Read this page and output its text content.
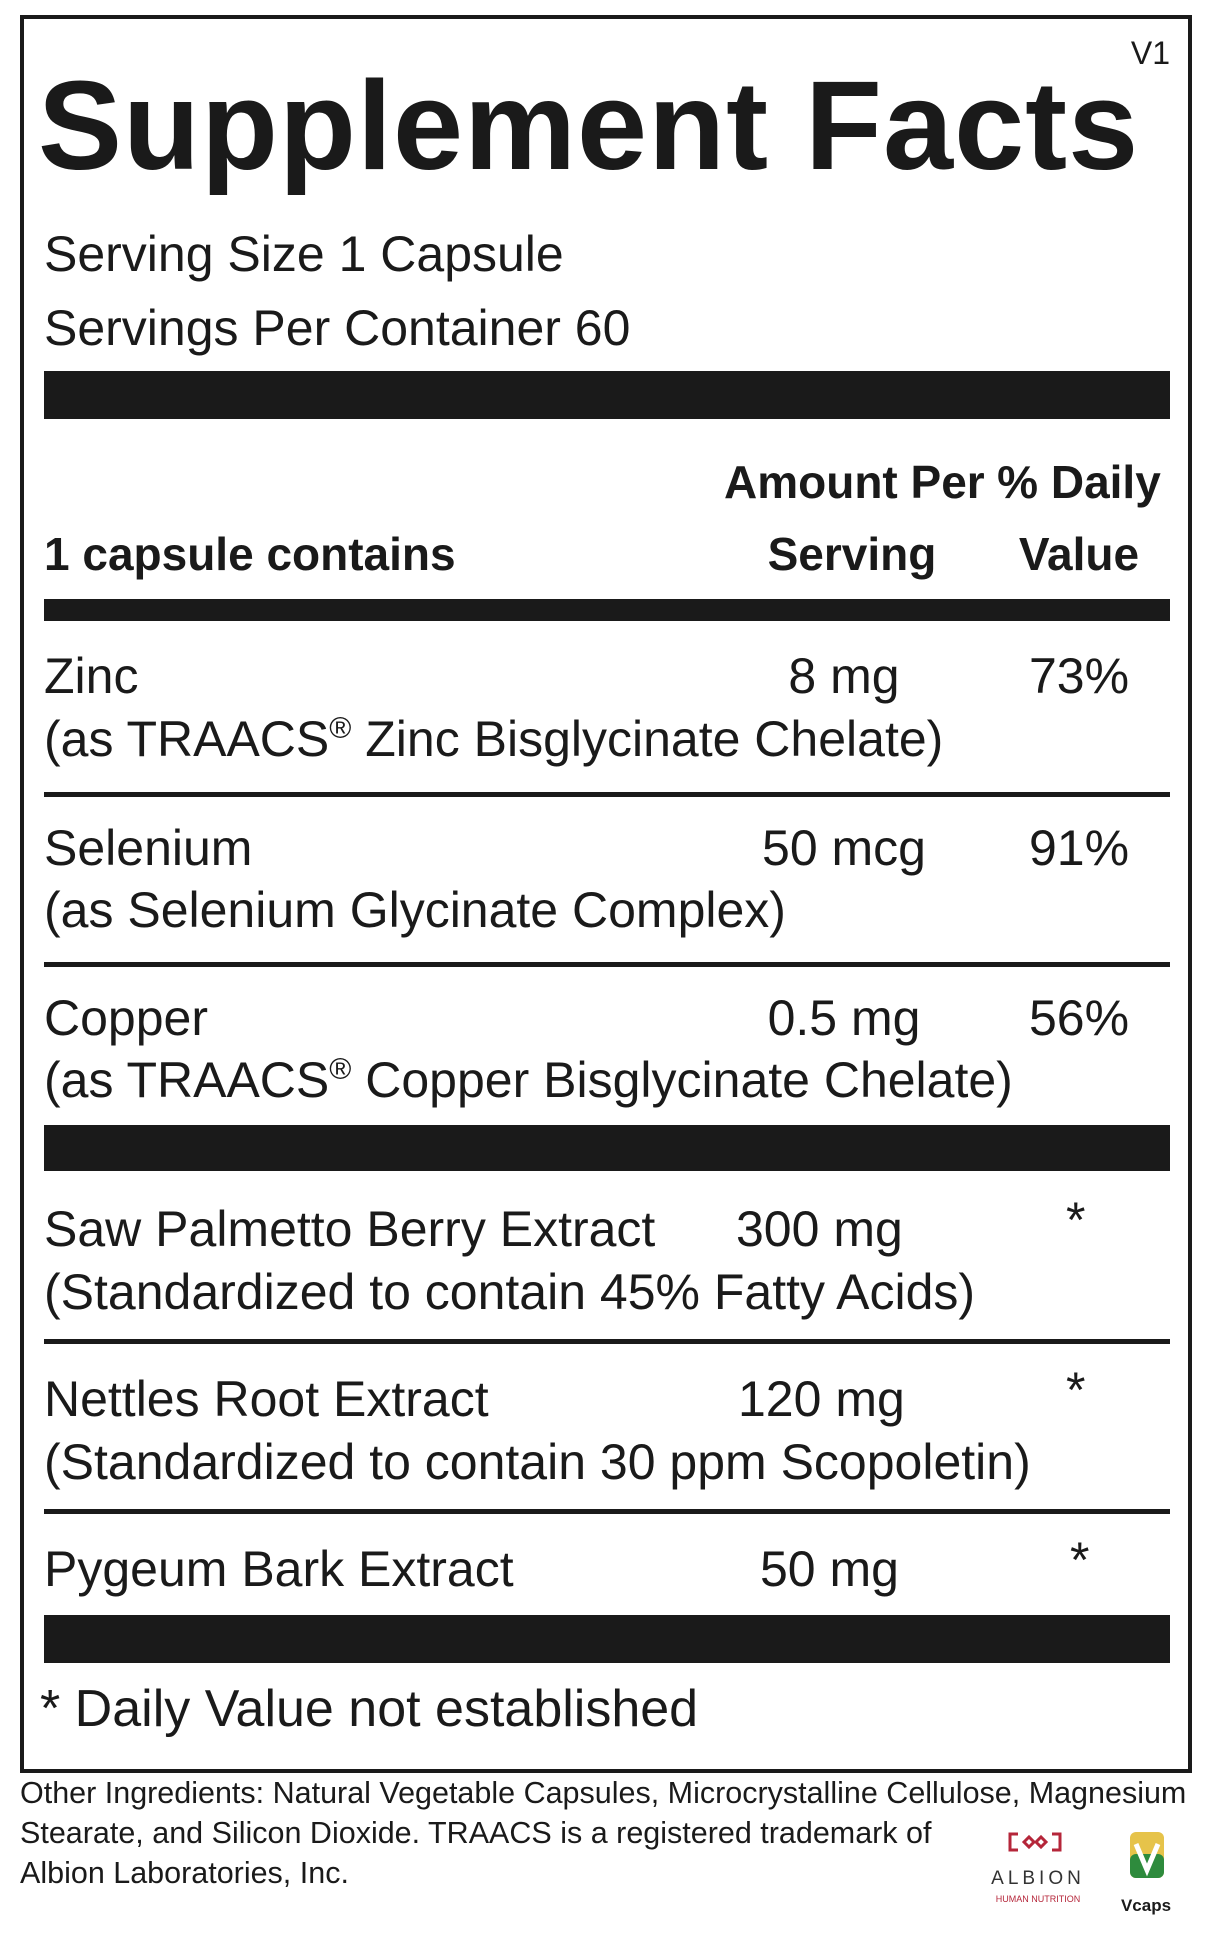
V1
Supplement Facts
Serving Size 1 Capsule
Servings Per Container 60
Amount Per % Daily
1 capsule contains	Serving	Value
Zinc	8 mg	73%
(as TRAACS® Zinc Bisglycinate Chelate)
Selenium	50 mcg	91%
(as Selenium Glycinate Complex)
Copper	0.5 mg	56%
(as TRAACS® Copper Bisglycinate Chelate)
Saw Palmetto Berry Extract 300 mg	*
(Standardized to contain 45% Fatty Acids)
Nettles Root Extract	120 mg	*
(Standardized to contain 30 ppm Scopoletin)
Pygeum Bark Extract	50 mg	*
* Daily Value not established
Other Ingredients: Natural Vegetable Capsules, Microcrystalline Cellulose, Magnesium
Stearate, and Silicon Dioxide. TRAACS is a registered trademark of
Albion Laboratories, Inc.	ALBION
HUMAN NUTRITION	Vcaps
